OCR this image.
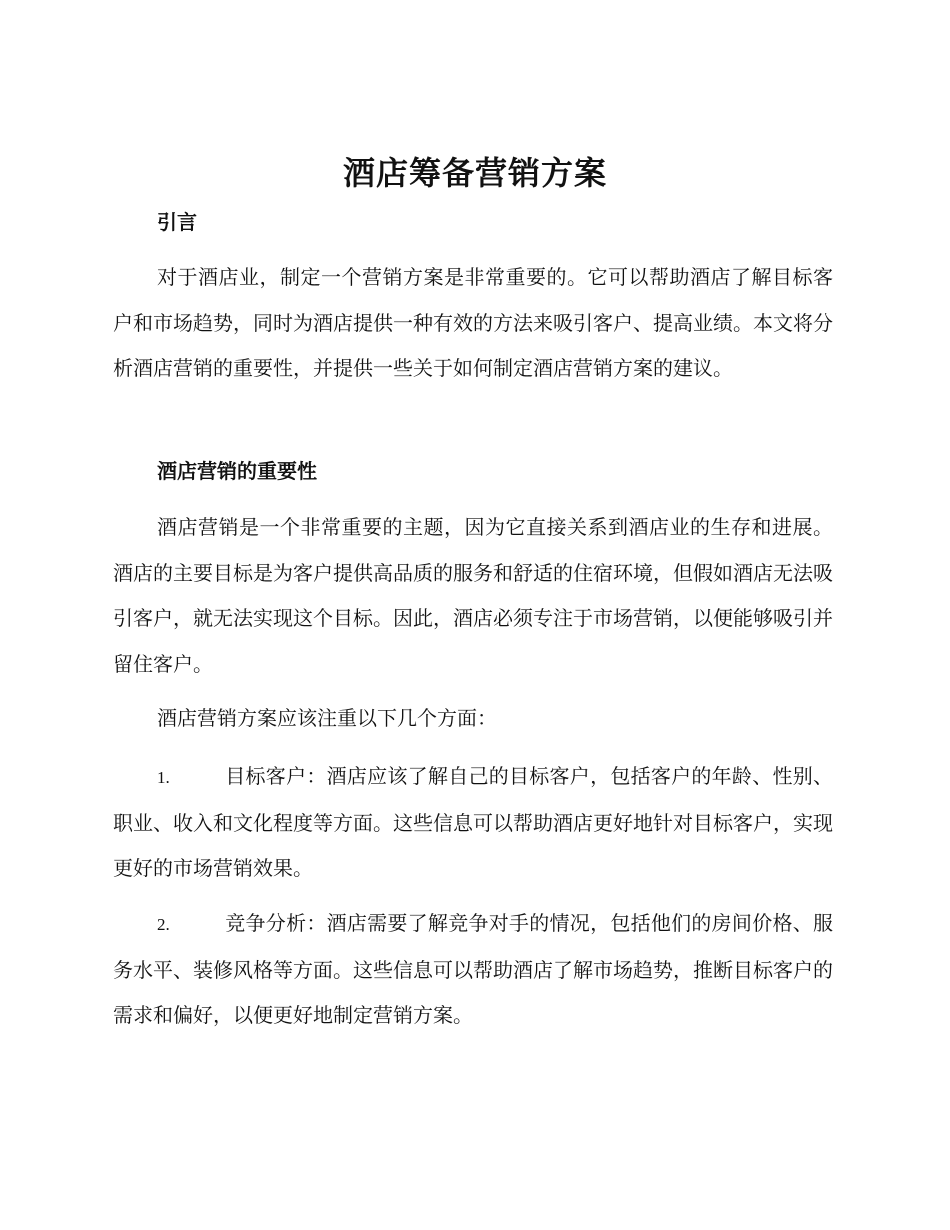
酒店筹备营销方案
引言

对于酒店业，制定一个营销方案是非常重要的。它可以帮助酒店了解目标客户和市场趋势，同时为酒店提供一种有效的方法来吸引客户、提高业绩。本文将分析酒店营销的重要性，并提供一些关于如何制定酒店营销方案的建议。

酒店营销的重要性

酒店营销是一个非常重要的主题，因为它直接关系到酒店业的生存和进展。酒店的主要目标是为客户提供高品质的服务和舒适的住宿环境，但假如酒店无法吸引客户，就无法实现这个目标。因此，酒店必须专注于市场营销，以便能够吸引并留住客户。

酒店营销方案应该注重以下几个方面：

1.	目标客户：酒店应该了解自己的目标客户，包括客户的年龄、性别、职业、收入和文化程度等方面。这些信息可以帮助酒店更好地针对目标客户，实现更好的市场营销效果。

2.	竞争分析：酒店需要了解竞争对手的情况，包括他们的房间价格、服务水平、装修风格等方面。这些信息可以帮助酒店了解市场趋势，推断目标客户的需求和偏好，以便更好地制定营销方案。
